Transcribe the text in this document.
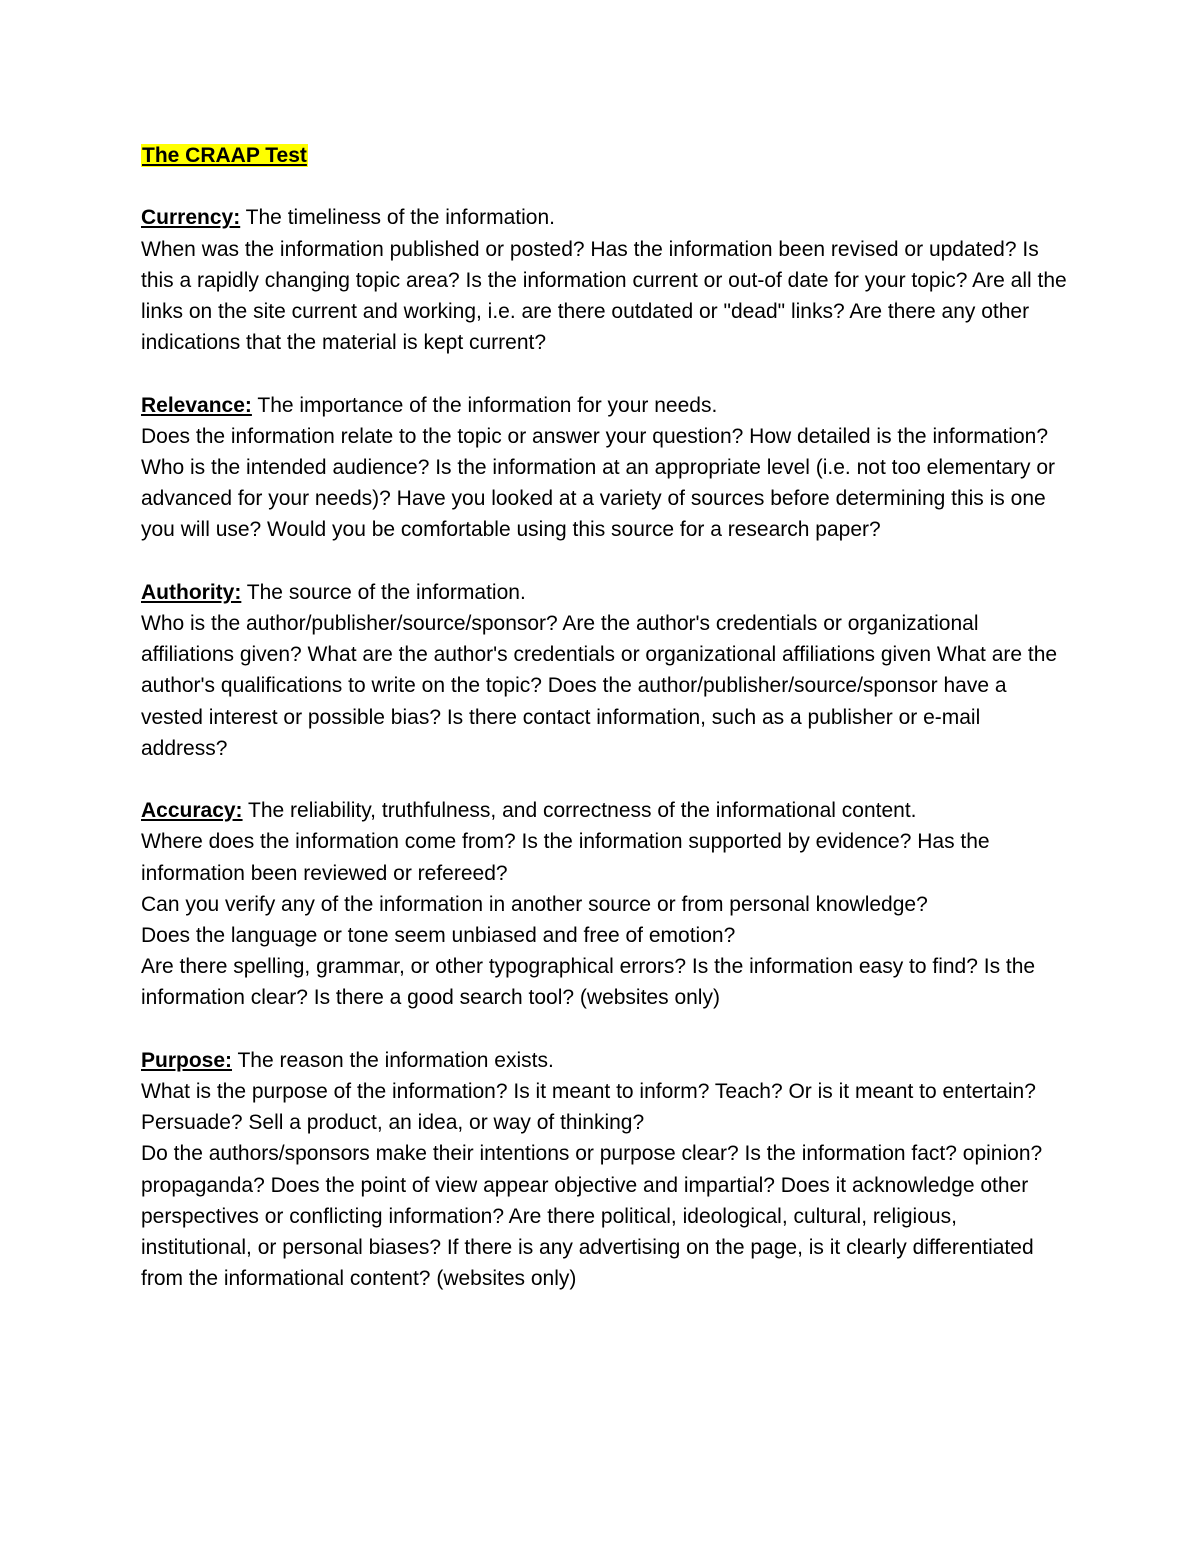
The CRAAP Test

Currency: The timeliness of the information.

When was the information published or posted? Has the information been revised or updated? Is this a rapidly changing topic area? Is the information current or out-of date for your topic? Are all the links on the site current and working, i.e. are there outdated or "dead" links? Are there any other indications that the material is kept current?

Relevance: The importance of the information for your needs.

Does the information relate to the topic or answer your question? How detailed is the information? Who is the intended audience? Is the information at an appropriate level (i.e. not too elementary or advanced for your needs)? Have you looked at a variety of sources before determining this is one you will use? Would you be comfortable using this source for a research paper?

Authority: The source of the information.

Who is the author/publisher/source/sponsor? Are the author's credentials or organizational affiliations given? What are the author's credentials or organizational affiliations given What are the author's qualifications to write on the topic? Does the author/publisher/source/sponsor have a vested interest or possible bias? Is there contact information, such as a publisher or e-mail address?

Accuracy: The reliability, truthfulness, and correctness of the informational content.

Where does the information come from? Is the information supported by evidence? Has the information been reviewed or refereed?

Can you verify any of the information in another source or from personal knowledge?

Does the language or tone seem unbiased and free of emotion?

Are there spelling, grammar, or other typographical errors? Is the information easy to find? Is the information clear? Is there a good search tool? (websites only)

Purpose: The reason the information exists.

What is the purpose of the information? Is it meant to inform? Teach? Or is it meant to entertain? Persuade? Sell a product, an idea, or way of thinking?

Do the authors/sponsors make their intentions or purpose clear? Is the information fact? opinion? propaganda? Does the point of view appear objective and impartial? Does it acknowledge other perspectives or conflicting information? Are there political, ideological, cultural, religious, institutional, or personal biases? If there is any advertising on the page, is it clearly differentiated from the informational content? (websites only)
